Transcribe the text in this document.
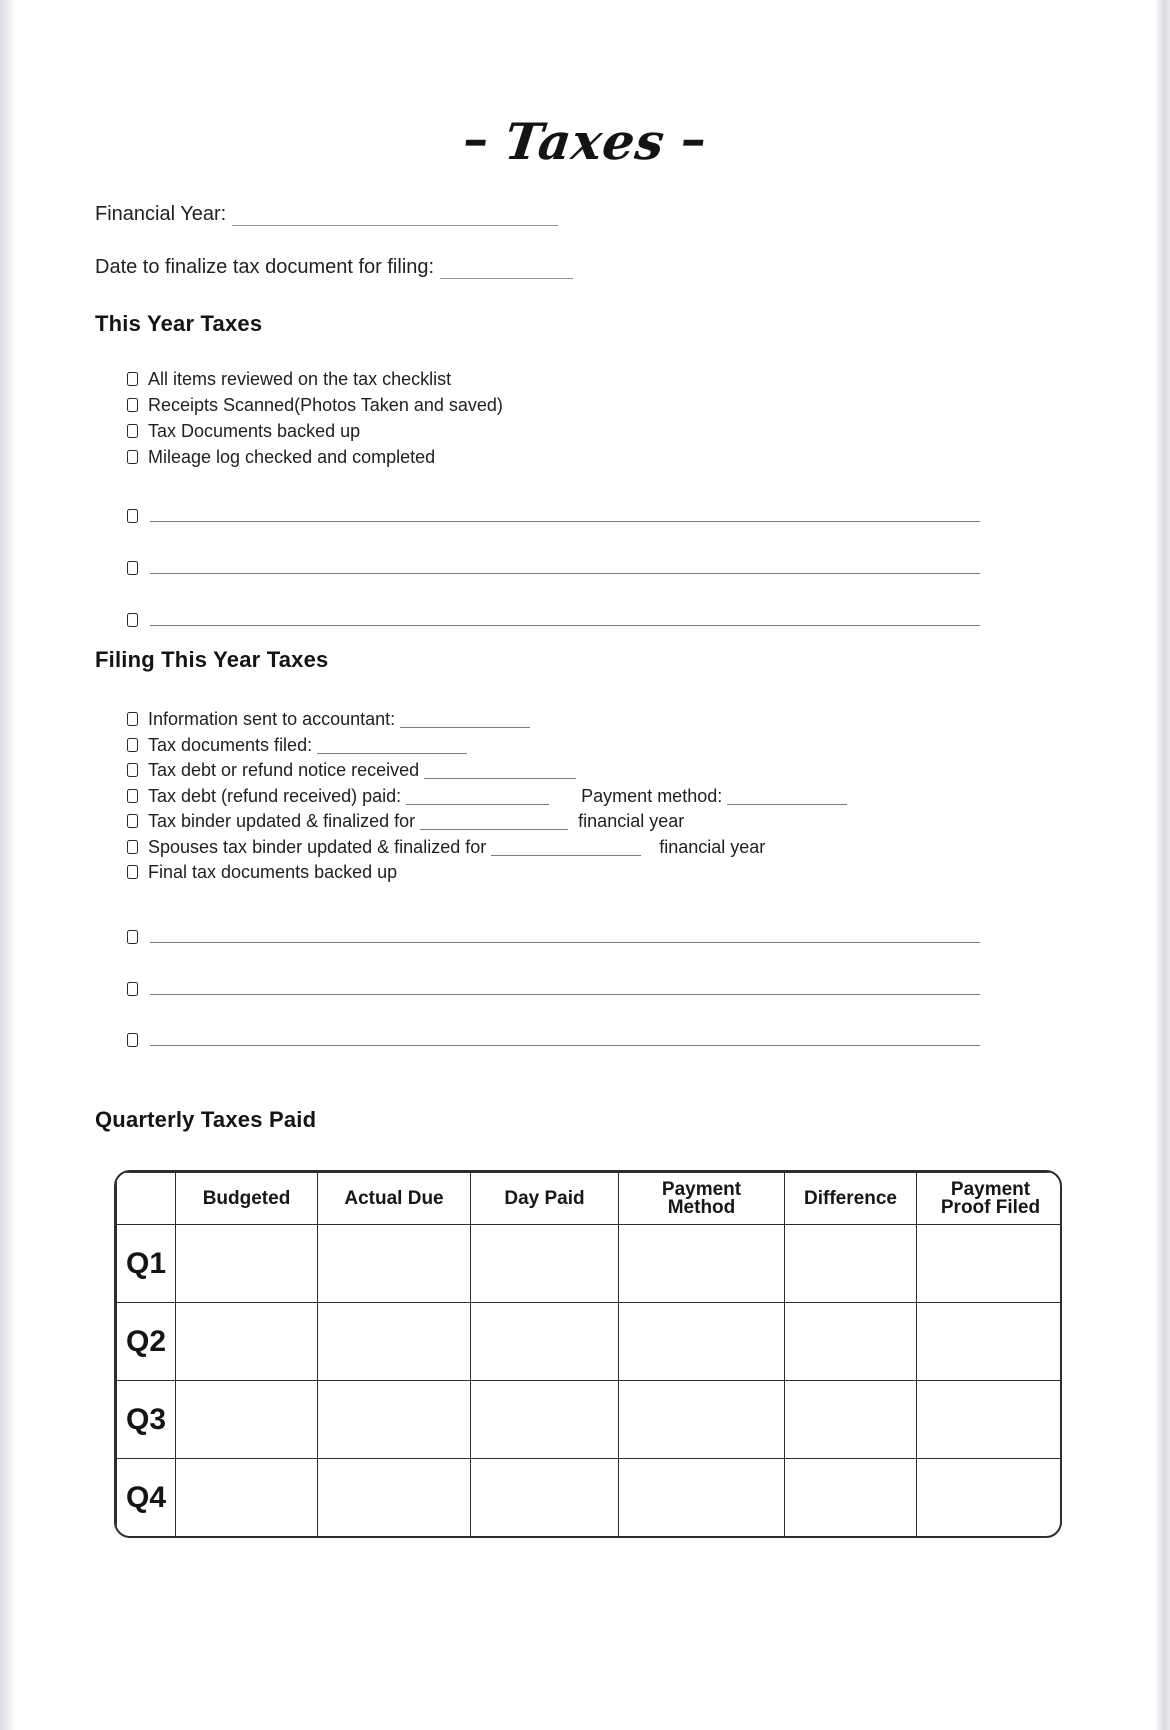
– Taxes –
Financial Year:
Date to finalize tax document for filing:
This Year Taxes
All items reviewed on the tax checklist
Receipts Scanned(Photos Taken and saved)
Tax Documents backed up
Mileage log checked and completed
Filing This Year Taxes
Information sent to accountant:
Tax documents filed:
Tax debt or refund notice received
Tax debt (refund received) paid:	Payment method:
Tax binder updated & finalized for	financial year
Spouses tax binder updated & finalized for	financial year
Final tax documents backed up
Quarterly Taxes Paid
	Budgeted	Actual Due	Day Paid	Payment Method	Difference	Payment Proof Filed
Q1						
Q2						
Q3						
Q4						
